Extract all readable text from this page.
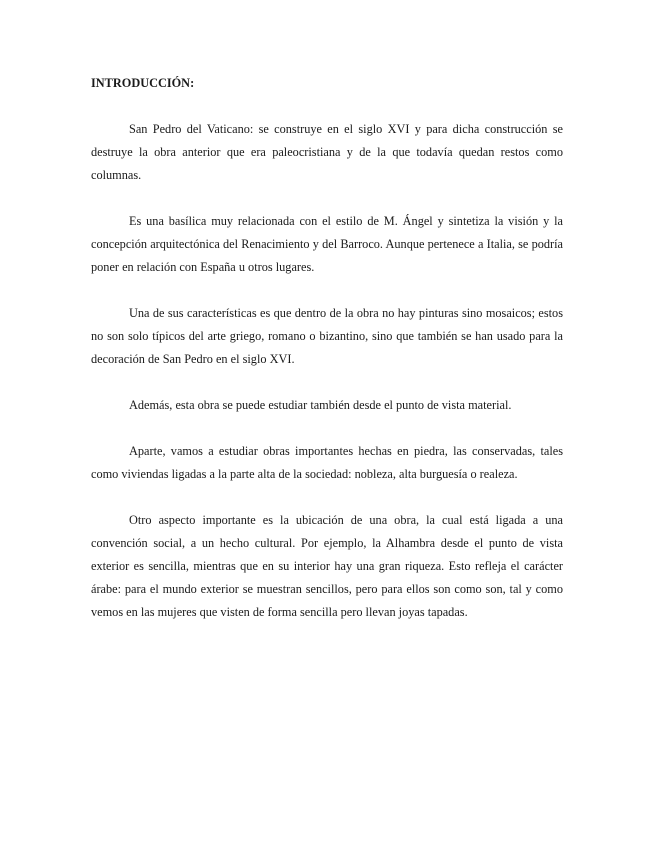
INTRODUCCIÓN:

San Pedro del Vaticano: se construye en el siglo XVI y para dicha construcción se destruye la obra anterior que era paleocristiana y de la que todavía quedan restos como columnas.

Es una basílica muy relacionada con el estilo de M. Ángel y sintetiza la visión y la concepción arquitectónica del Renacimiento y del Barroco. Aunque pertenece a Italia, se podría poner en relación con España u otros lugares.

Una de sus características es que dentro de la obra no hay pinturas sino mosaicos; estos no son solo típicos del arte griego, romano o bizantino, sino que también se han usado para la decoración de San Pedro en el siglo XVI.

Además, esta obra se puede estudiar también desde el punto de vista material.

Aparte, vamos a estudiar obras importantes hechas en piedra, las conservadas, tales como viviendas ligadas a la parte alta de la sociedad: nobleza, alta burguesía o realeza.

Otro aspecto importante es la ubicación de una obra, la cual está ligada a una convención social, a un hecho cultural. Por ejemplo, la Alhambra desde el punto de vista exterior es sencilla, mientras que en su interior hay una gran riqueza. Esto refleja el carácter árabe: para el mundo exterior se muestran sencillos, pero para ellos son como son, tal y como vemos en las mujeres que visten de forma sencilla pero llevan joyas tapadas.
